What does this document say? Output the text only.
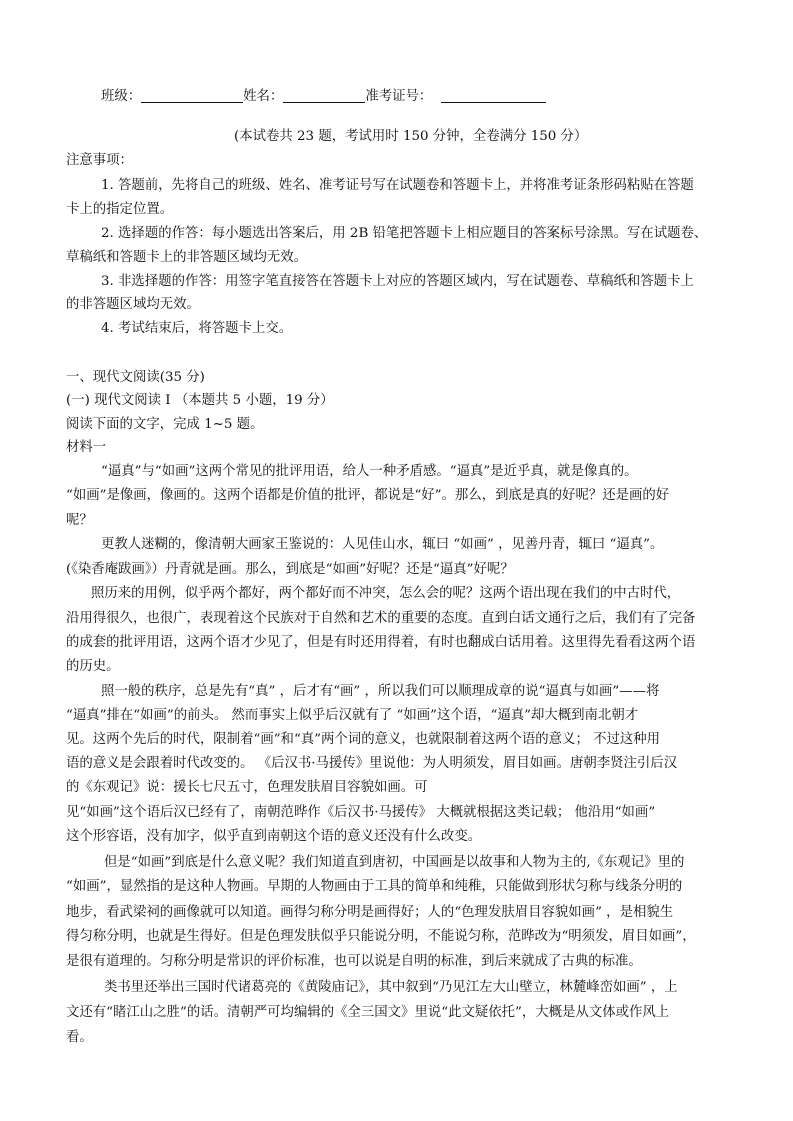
班级：	姓名：	准考证号：
(本试卷共 23 题，考试用时 150 分钟，全卷满分 150 分）
注意事项：
1. 答题前，先将自己的班级、姓名、准考证号写在试题卷和答题卡上，并将准考证条形码粘贴在答题
卡上的指定位置。
2. 选择题的作答：每小题选出答案后，用 2B 铅笔把答题卡上相应题目的答案标号涂黑。写在试题卷、
草稿纸和答题卡上的非答题区域均无效。
3. 非选择题的作答：用签字笔直接答在答题卡上对应的答题区域内，写在试题卷、草稿纸和答题卡上
的非答题区域均无效。
4. 考试结束后，将答题卡上交。
一、现代文阅读(35 分)
(一) 现代文阅读 I （本题共 5 小题，19 分）
阅读下面的文字，完成 1~5 题。
材料一
“逼真”与“如画”这两个常见的批评用语，给人一种矛盾感。“逼真”是近乎真，就是像真的。
“如画”是像画，像画的。这两个语都是价值的批评，都说是“好”。那么，到底是真的好呢？还是画的好
呢？
更教人迷糊的，像清朝大画家王鉴说的：人见佳山水，辄曰 “如画” ，见善丹青，辄曰 “逼真”。
(《染香庵跋画》）丹青就是画。那么，到底是“如画”好呢？还是“逼真”好呢？
照历来的用例，似乎两个都好，两个都好而不冲突，怎么会的呢？这两个语出现在我们的中古时代，
沿用得很久，也很广，表现着这个民族对于自然和艺术的重要的态度。直到白话文通行之后，我们有了完备
的成套的批评用语，这两个语才少见了，但是有时还用得着，有时也翻成白话用着。这里得先看看这两个语
的历史。
照一般的秩序，总是先有“真” ，后才有“画” ，所以我们可以顺理成章的说“逼真与如画”——将
“逼真”排在“如画”的前头。 然而事实上似乎后汉就有了 “如画”这个语，“逼真”却大概到南北朝才
见。这两个先后的时代，限制着“画”和“真”两个词的意义，也就限制着这两个语的意义； 不过这种用
语的意义是会跟着时代改变的。 《后汉书·马援传》里说他：为人明须发，眉目如画。唐朝李贤注引后汉
的《东观记》说：援长七尺五寸，色理发肤眉目容貌如画。可
见“如画”这个语后汉已经有了，南朝范晔作《后汉书·马援传》 大概就根据这类记载； 他沿用“如画”
这个形容语，没有加字，似乎直到南朝这个语的意义还没有什么改变。
但是“如画”到底是什么意义呢？我们知道直到唐初，中国画是以故事和人物为主的,《东观记》里的
“如画”，显然指的是这种人物画。早期的人物画由于工具的简单和纯稚，只能做到形状匀称与线条分明的
地步，看武梁祠的画像就可以知道。画得匀称分明是画得好；人的“色理发肤眉目容貌如画” ，是相貌生
得匀称分明，也就是生得好。但是色理发肤似乎只能说分明，不能说匀称，范晔改为“明须发，眉目如画”，
是很有道理的。匀称分明是常识的评价标准，也可以说是自明的标准，到后来就成了古典的标准。
类书里还举出三国时代诸葛亮的《黄陵庙记》，其中叙到“乃见江左大山壁立，林麓峰峦如画” ，上
文还有“睹江山之胜”的话。清朝严可均编辑的《全三国文》里说“此文疑依托”，大概是从文体或作风上
看。
